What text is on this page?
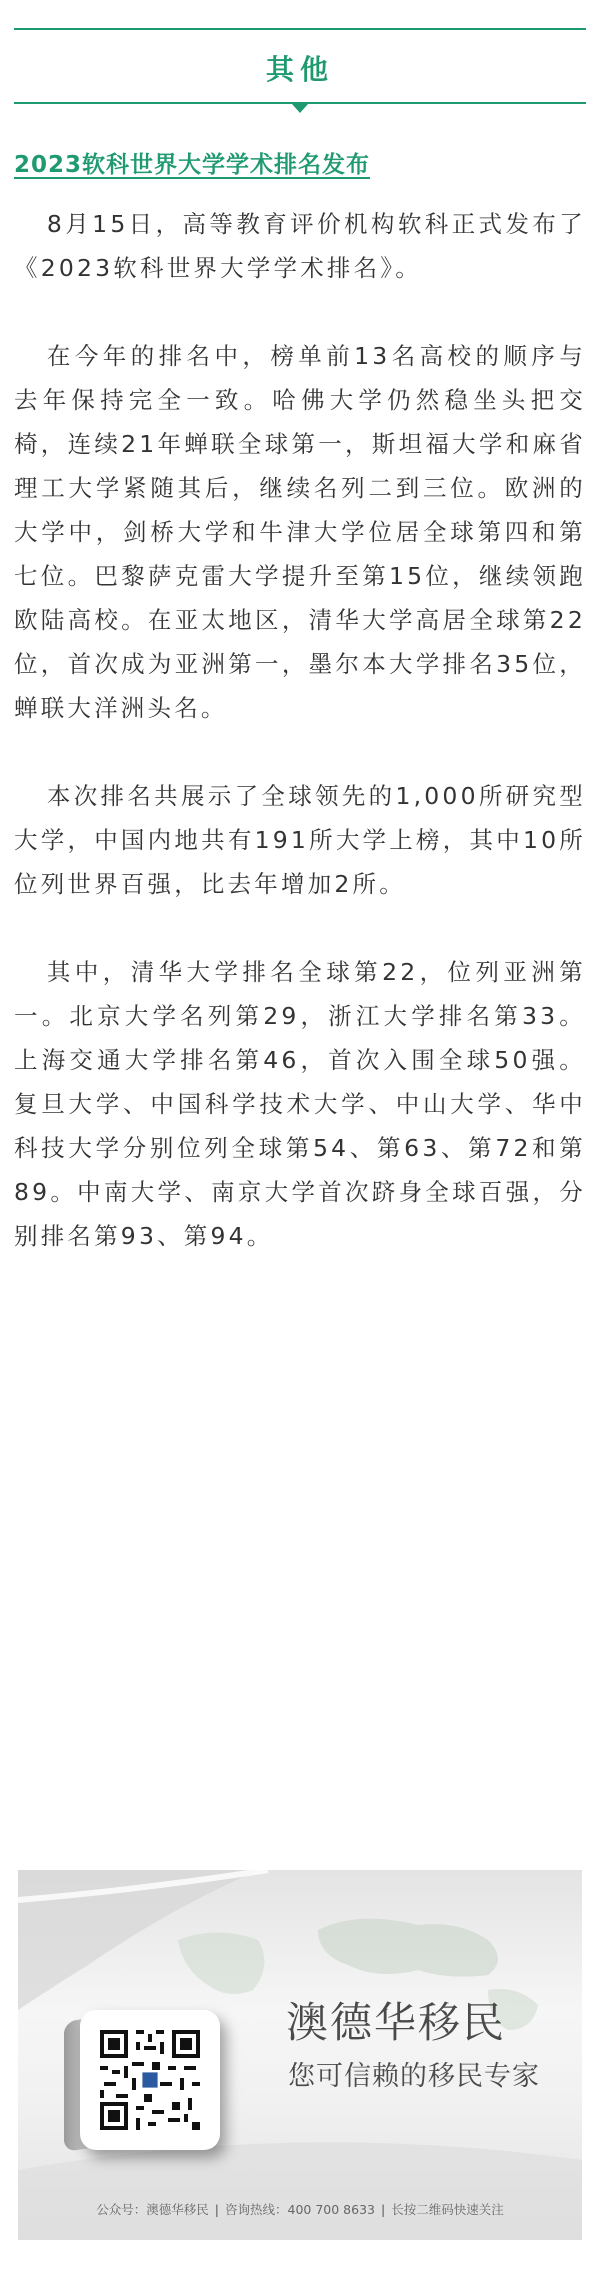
其他
2023软科世界大学学术排名发布

8月15日，高等教育评价机构软科正式发布了《2023软科世界大学学术排名》。

在今年的排名中，榜单前13名高校的顺序与去年保持完全一致。哈佛大学仍然稳坐头把交椅，连续21年蝉联全球第一，斯坦福大学和麻省理工大学紧随其后，继续名列二到三位。欧洲的大学中，剑桥大学和牛津大学位居全球第四和第七位。巴黎萨克雷大学提升至第15位，继续领跑欧陆高校。在亚太地区，清华大学高居全球第22位，首次成为亚洲第一，墨尔本大学排名35位，蝉联大洋洲头名。

本次排名共展示了全球领先的1,000所研究型大学，中国内地共有191所大学上榜，其中10所位列世界百强，比去年增加2所。

其中，清华大学排名全球第22，位列亚洲第一。北京大学名列第29，浙江大学排名第33。上海交通大学排名第46，首次入围全球50强。复旦大学、中国科学技术大学、中山大学、华中科技大学分别位列全球第54、第63、第72和第89。中南大学、南京大学首次跻身全球百强，分别排名第93、第94。

澳德华移民
您可信赖的移民专家
公众号：澳德华移民 | 咨询热线：400 700 8633 | 长按二维码快速关注
